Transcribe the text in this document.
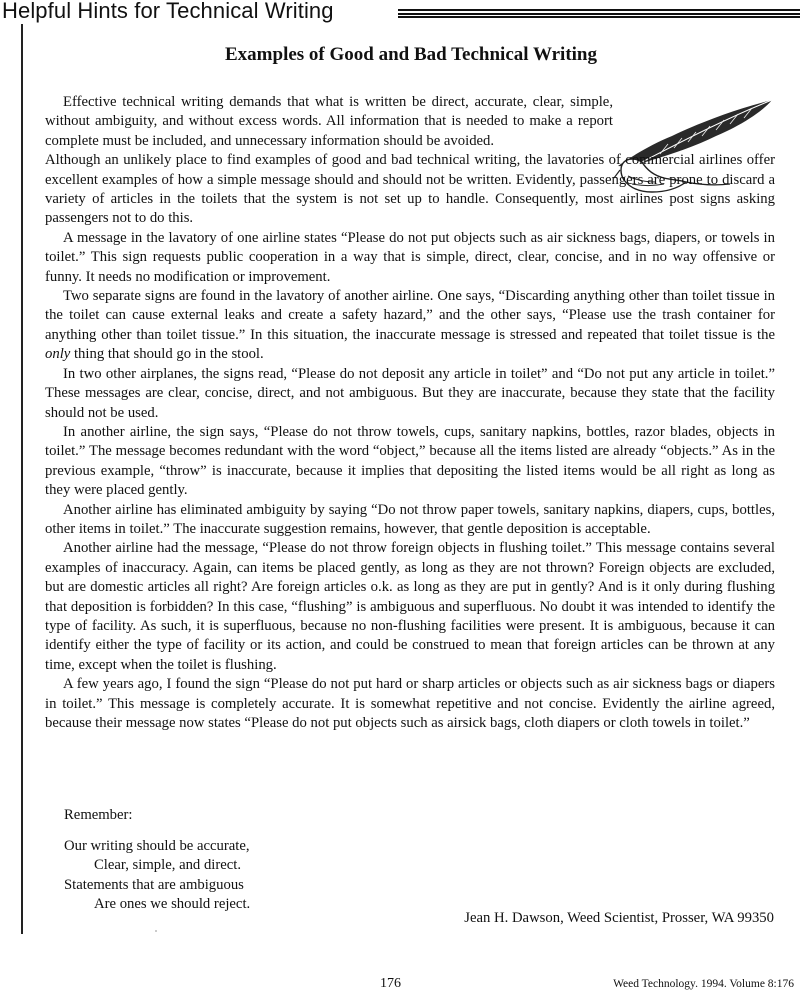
Helpful Hints for Technical Writing
Examples of Good and Bad Technical Writing

Effective technical writing demands that what is written be direct, accurate, clear, simple, without ambiguity, and without excess words. All information that is needed to make a report complete must be included, and unnecessary information should be avoided.

Although an unlikely place to find examples of good and bad technical writing, the lavatories of commercial airlines offer excellent examples of how a simple message should and should not be written. Evidently, passengers are prone to discard a variety of articles in the toilets that the system is not set up to handle. Consequently, most airlines post signs asking passengers not to do this.

A message in the lavatory of one airline states “Please do not put objects such as air sickness bags, diapers, or towels in toilet.” This sign requests public cooperation in a way that is simple, direct, clear, concise, and in no way offensive or funny. It needs no modification or improvement.

Two separate signs are found in the lavatory of another airline. One says, “Discarding anything other than toilet tissue in the toilet can cause external leaks and create a safety hazard,” and the other says, “Please use the trash container for anything other than toilet tissue.” In this situation, the inaccurate message is stressed and repeated that toilet tissue is the only thing that should go in the stool.

In two other airplanes, the signs read, “Please do not deposit any article in toilet” and “Do not put any article in toilet.” These messages are clear, concise, direct, and not ambiguous. But they are inaccurate, because they state that the facility should not be used.

In another airline, the sign says, “Please do not throw towels, cups, sanitary napkins, bottles, razor blades, objects in toilet.” The message becomes redundant with the word “object,” because all the items listed are already “objects.” As in the previous example, “throw” is inaccurate, because it implies that depositing the listed items would be all right as long as they were placed gently.

Another airline has eliminated ambiguity by saying “Do not throw paper towels, sanitary napkins, diapers, cups, bottles, other items in toilet.” The inaccurate suggestion remains, however, that gentle deposition is acceptable.

Another airline had the message, “Please do not throw foreign objects in flushing toilet.” This message contains several examples of inaccuracy. Again, can items be placed gently, as long as they are not thrown? Foreign objects are excluded, but are domestic articles all right? Are foreign articles o.k. as long as they are put in gently? And is it only during flushing that deposition is forbidden? In this case, “flushing” is ambiguous and superfluous. No doubt it was intended to identify the type of facility. As such, it is superfluous, because no non-flushing facilities were present. It is ambiguous, because it can identify either the type of facility or its action, and could be construed to mean that foreign articles can be thrown at any time, except when the toilet is flushing.

A few years ago, I found the sign “Please do not put hard or sharp articles or objects such as air sickness bags or diapers in toilet.” This message is completely accurate. It is somewhat repetitive and not concise. Evidently the airline agreed, because their message now states “Please do not put objects such as airsick bags, cloth diapers or cloth towels in toilet.”

Remember:
Our writing should be accurate,
Clear, simple, and direct.
Statements that are ambiguous
Are ones we should reject.
Jean H. Dawson, Weed Scientist, Prosser, WA 99350
176	Weed Technology. 1994. Volume 8:176
